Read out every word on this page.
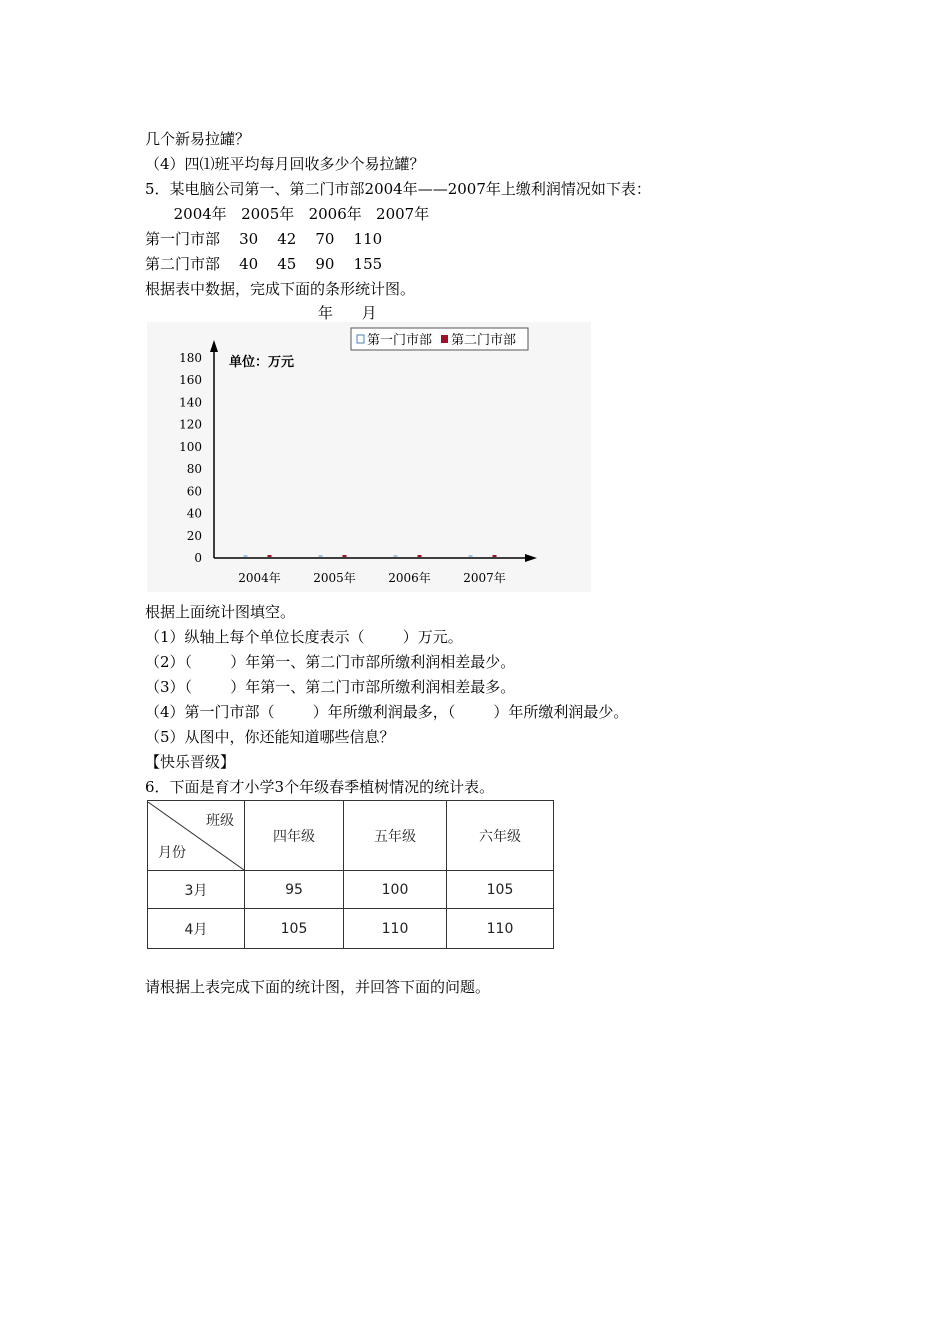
几个新易拉罐？
（4）四⑴班平均每月回收多少个易拉罐？
5．某电脑公司第一、第二门市部2004年——2007年上缴利润情况如下表：
2004年   2005年   2006年   2007年
第一门市部    30    42    70    110
第二门市部    40    45    90    155
根据表中数据，完成下面的条形统计图。
年      月
第一门市部 第二门市部
单位：万元
0
20
40
60
80
100
120
140
160
180
2004年	2005年	2006年	2007年
班级
月份	四年级	五年级	六年级
3月	95	100	105
4月	105	110	110
根据上面统计图填空。
（1）纵轴上每个单位长度表示（        ）万元。
（2）（        ）年第一、第二门市部所缴利润相差最少。
（3）（        ）年第一、第二门市部所缴利润相差最多。
（4）第一门市部（        ）年所缴利润最多，（        ）年所缴利润最少。
（5）从图中，你还能知道哪些信息？
【快乐晋级】
6．下面是育才小学3个年级春季植树情况的统计表。
请根据上表完成下面的统计图，并回答下面的问题。
